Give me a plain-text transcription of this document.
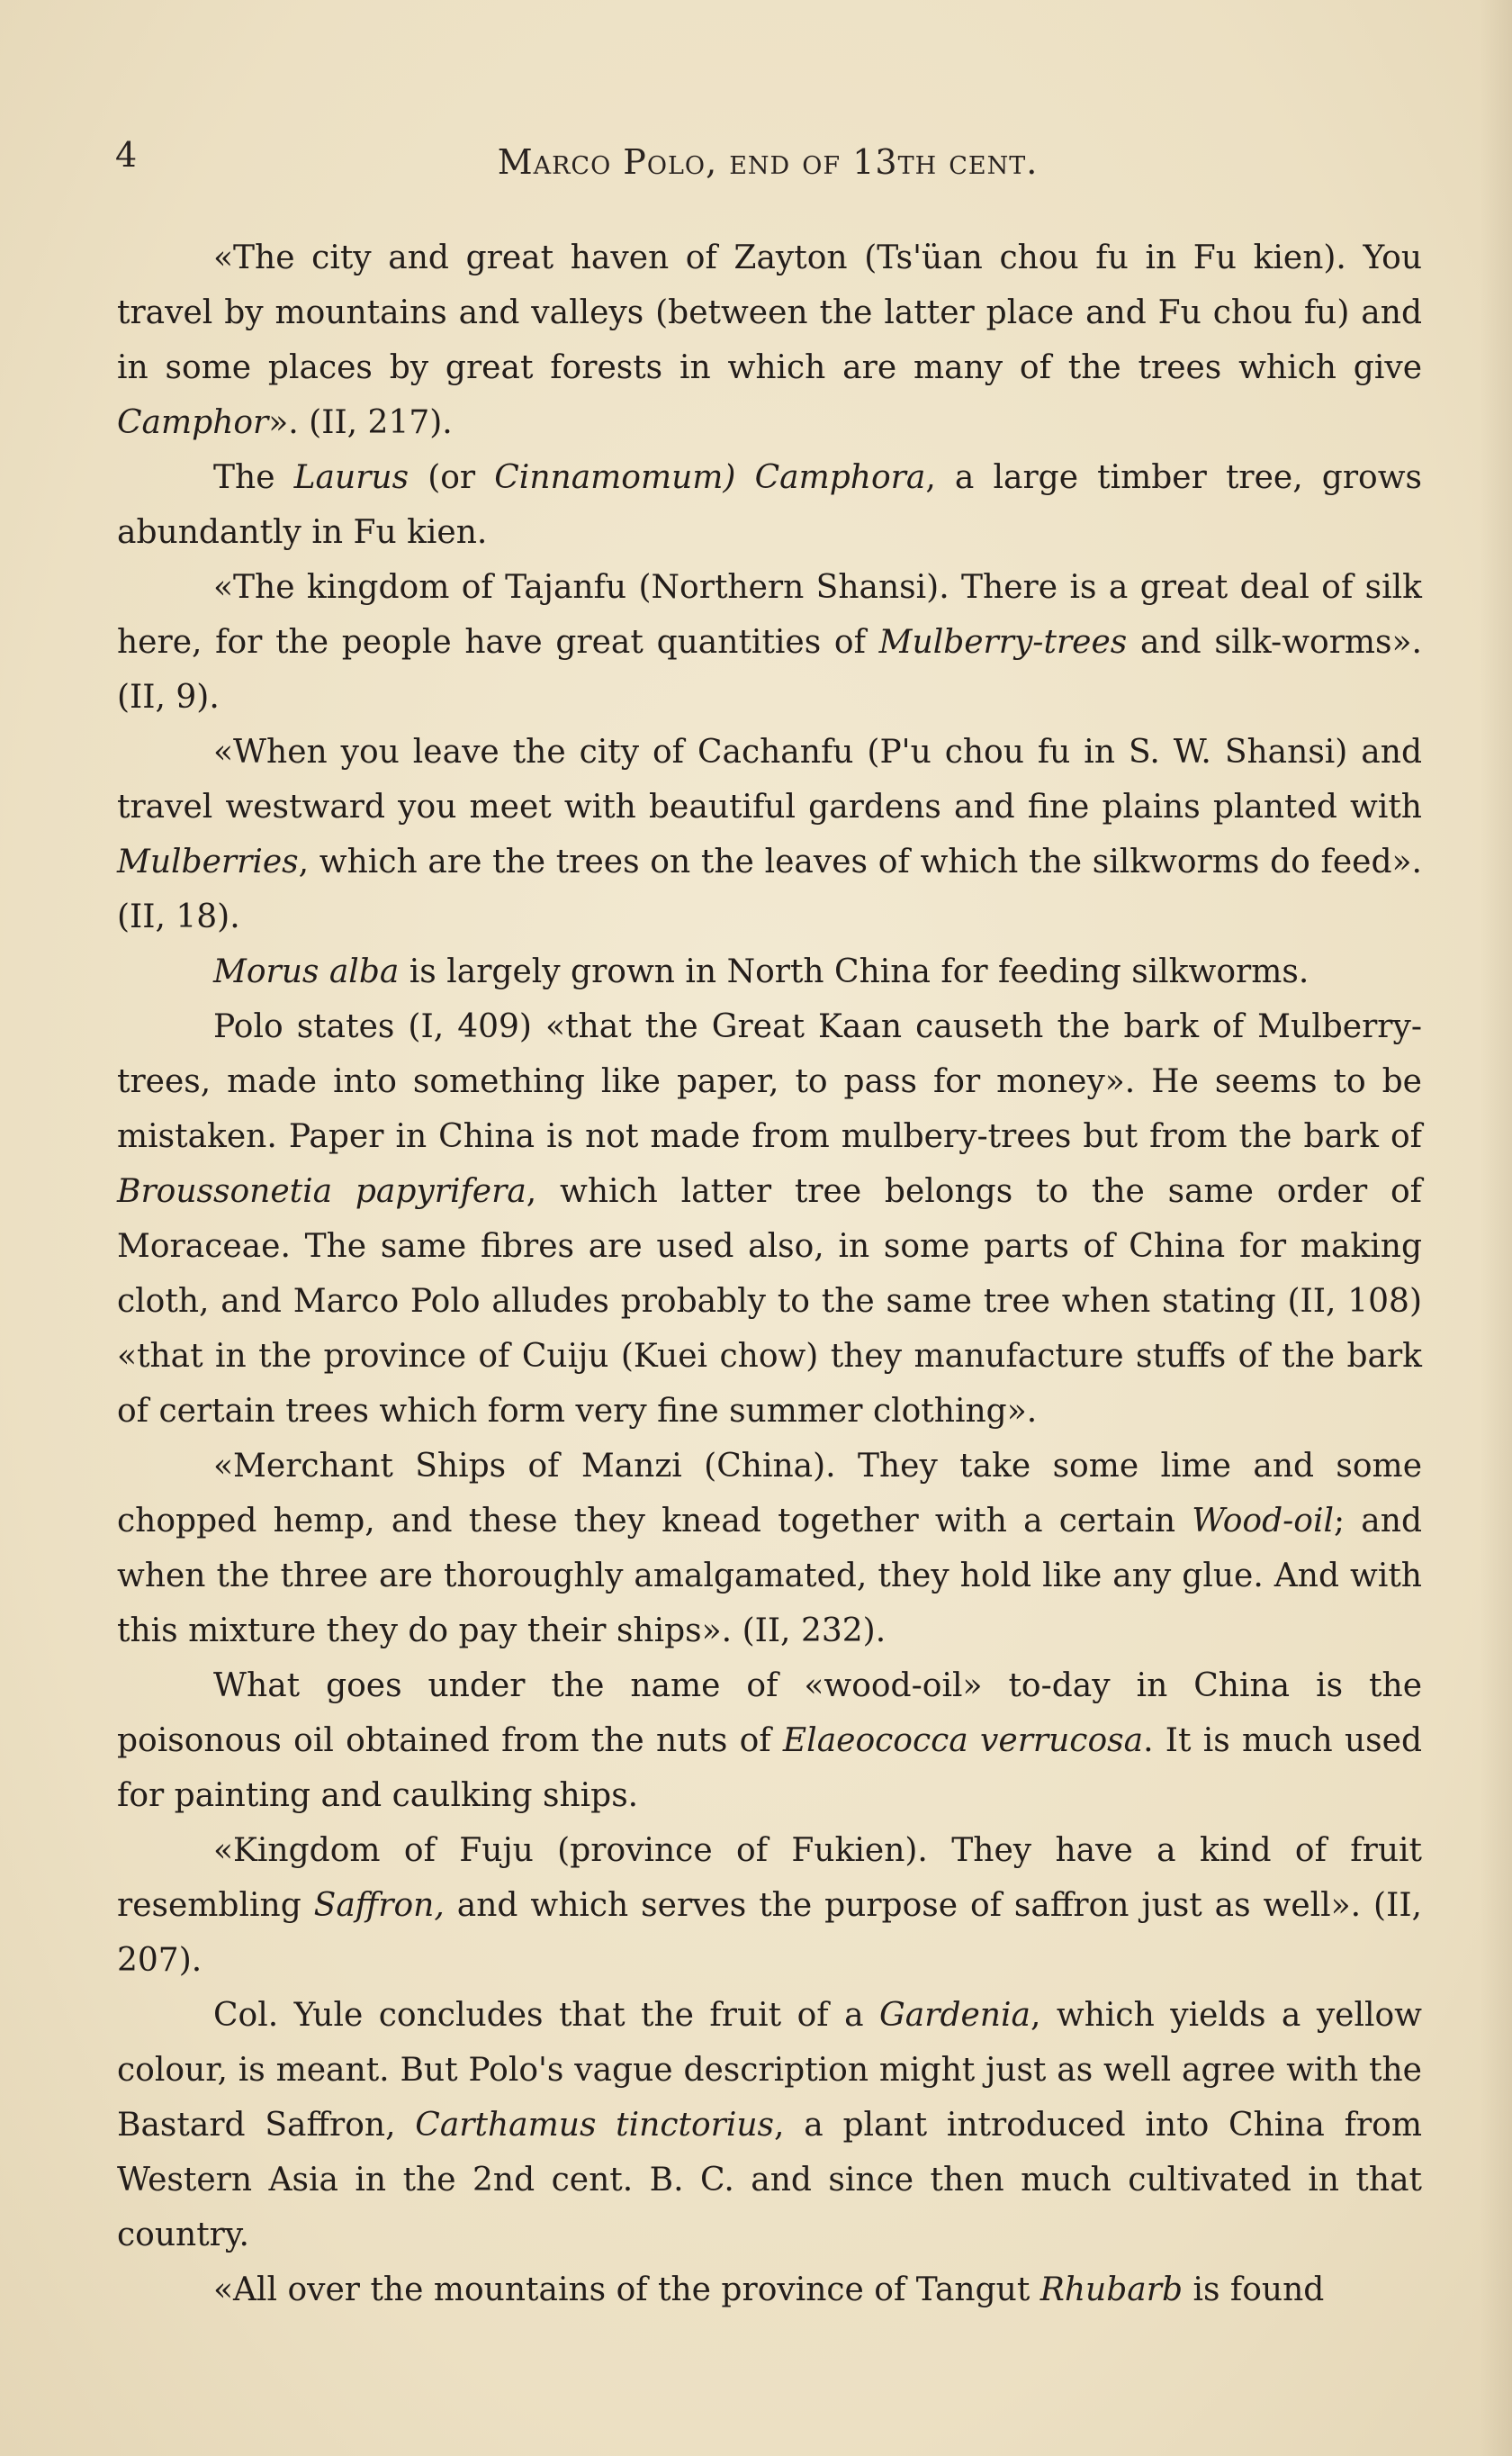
4	Marco Polo, end of 13th cent.

«The city and great haven of Zayton (Ts'üan chou fu in Fu kien). You travel by mountains and valleys (between the latter place and Fu chou fu) and in some places by great forests in which are many of the trees which give Camphor». (II, 217).

The Laurus (or Cinnamomum) Camphora, a large timber tree, grows abundantly in Fu kien.

«The kingdom of Tajanfu (Northern Shansi). There is a great deal of silk here, for the people have great quantities of Mulberry-trees and silk-worms». (II, 9).

«When you leave the city of Cachanfu (P'u chou fu in S. W. Shansi) and travel westward you meet with beautiful gardens and fine plains planted with Mulberries, which are the trees on the leaves of which the silkworms do feed». (II, 18).

Morus alba is largely grown in North China for feeding silkworms.

Polo states (I, 409) «that the Great Kaan causeth the bark of Mulberry-trees, made into something like paper, to pass for money». He seems to be mistaken. Paper in China is not made from mulbery-trees but from the bark of Broussonetia papyrifera, which latter tree belongs to the same order of Moraceae. The same fibres are used also, in some parts of China for making cloth, and Marco Polo alludes probably to the same tree when stating (II, 108) «that in the province of Cuiju (Kuei chow) they manufacture stuffs of the bark of certain trees which form very fine summer clothing».

«Merchant Ships of Manzi (China). They take some lime and some chopped hemp, and these they knead together with a certain Wood-oil; and when the three are thoroughly amalgamated, they hold like any glue. And with this mixture they do pay their ships». (II, 232).

What goes under the name of «wood-oil» to-day in China is the poisonous oil obtained from the nuts of Elaeococca verrucosa. It is much used for painting and caulking ships.

«Kingdom of Fuju (province of Fukien). They have a kind of fruit resembling Saffron, and which serves the purpose of saffron just as well». (II, 207).

Col. Yule concludes that the fruit of a Gardenia, which yields a yellow colour, is meant. But Polo's vague description might just as well agree with the Bastard Saffron, Carthamus tinctorius, a plant introduced into China from Western Asia in the 2nd cent. B. C. and since then much cultivated in that country.

«All over the mountains of the province of Tangut Rhubarb is found
